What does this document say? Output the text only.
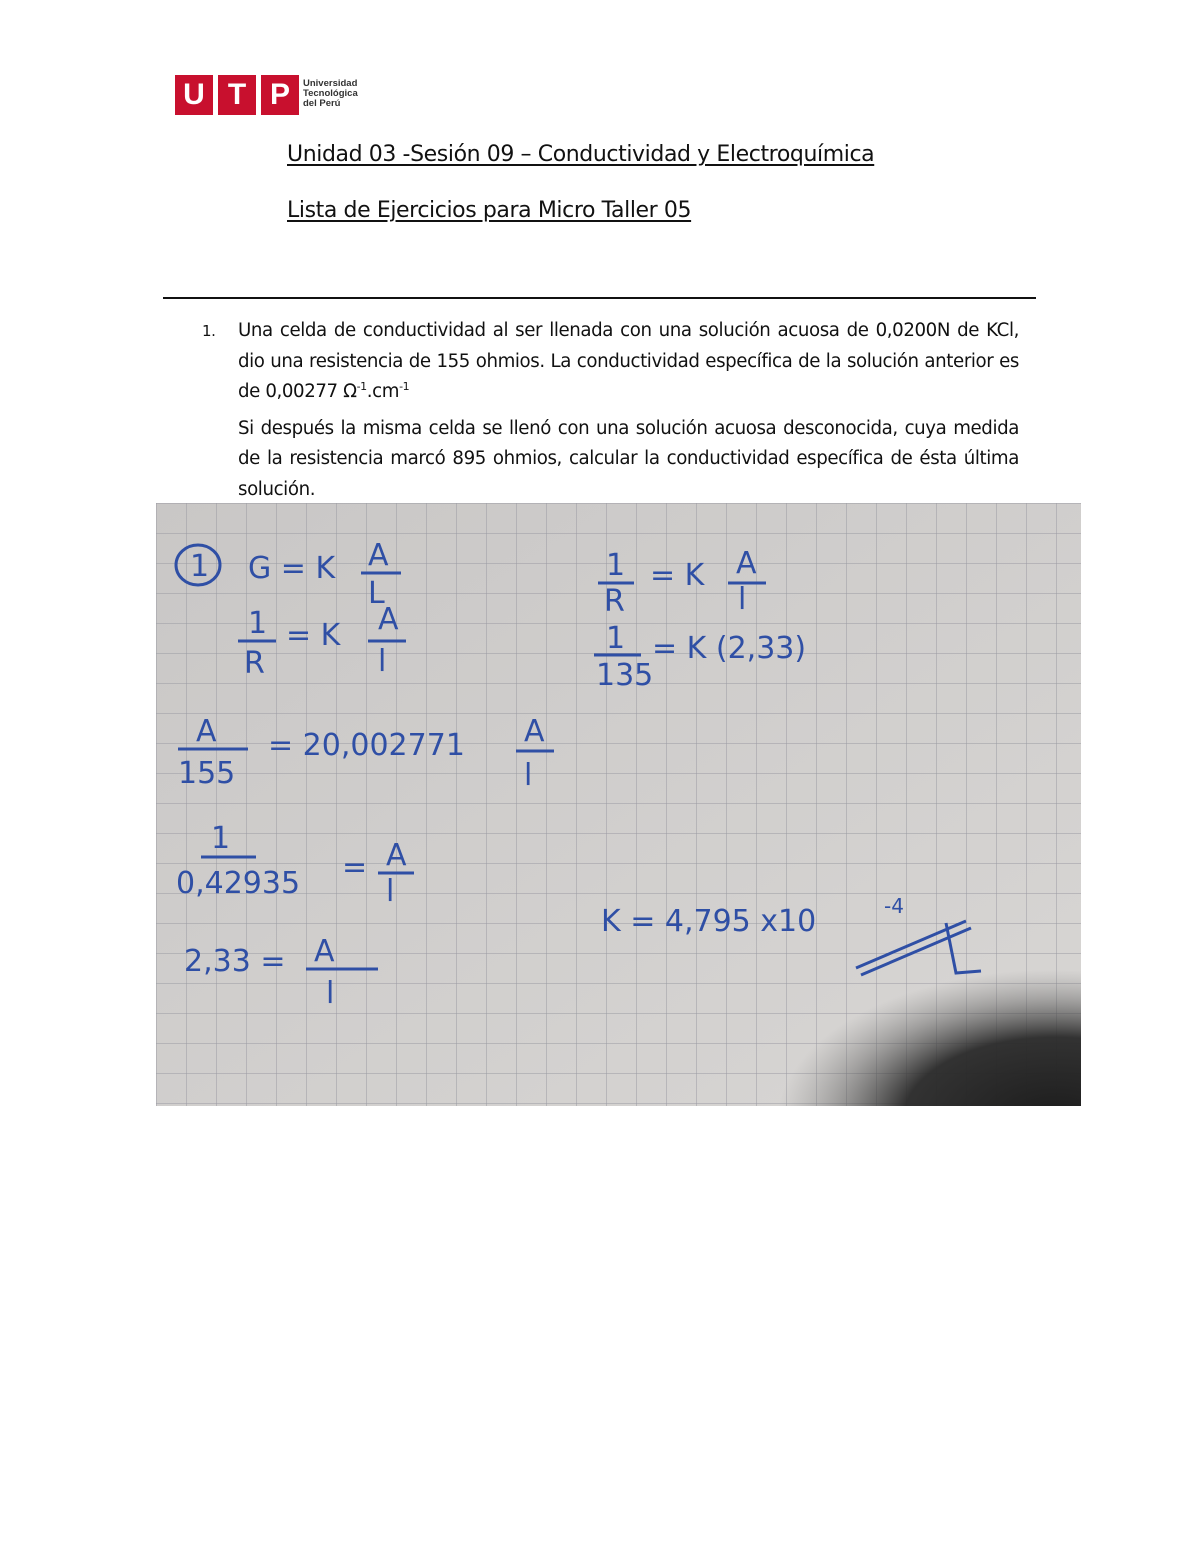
U T P	Universidad
Tecnológica
del Perú
Unidad 03 -Sesión 09 – Conductividad y Electroquímica
Lista de Ejercicios para Micro Taller 05
1. Una celda de conductividad al ser llenada con una solución acuosa de 0,0200N de KCl, dio una resistencia de 155 ohmios. La conductividad específica de la solución anterior es de 0,00277 $\Omega^{-1}.cm^{-1}$

Si después la misma celda se llenó con una solución acuosa desconocida, cuya medida de la resistencia marcó 895 ohmios, calcular la conductividad específica de ésta última solución.

1 G = K A
L
1
R
= K A
l
A
155
= 20,002771 A
l
1
0,42935 = A
l
2,33 = A
l
1
R
= K A
l
1
135
= K (2,33)
K = 4,795 x10	-4
